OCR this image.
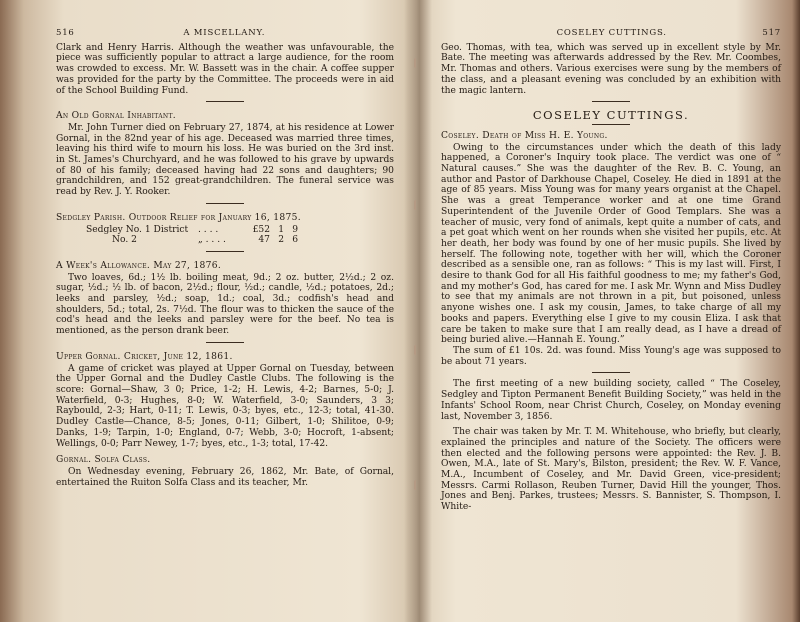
516	A MISCELLANY.

Clark and Henry Harris. Although the weather was unfavourable, the piece was sufficiently popular to attract a large audience, for the room was crowded to excess. Mr. W. Bassett was in the chair. A coffee supper was provided for the party by the Committee. The proceeds were in aid of the School Building Fund.

An Old Gornal Inhabitant.

Mr. John Turner died on February 27, 1874, at his residence at Lower Gornal, in the 82nd year of his age. Deceased was married three times, leaving his third wife to mourn his loss. He was buried on the 3rd inst. in St. James's Churchyard, and he was followed to his grave by upwards of 80 of his family; deceased having had 22 sons and daughters; 90 grandchildren, and 152 great-grandchildren. The funeral service was read by Rev. J. Y. Rooker.

Sedgley Parish. Outdoor Relief for January 16, 1875.
Sedgley No. 1 District	. . . .	£52 1 9
No. 2	„ . . . .	47 2 6
A Week's Allowance. May 27, 1876.

Two loaves, 6d.; 1½ lb. boiling meat, 9d.; 2 oz. butter, 2½d.; 2 oz. sugar, ½d.; ½ lb. of bacon, 2½d.; flour, ½d.; candle, ½d.; potatoes, 2d.; leeks and parsley, ½d.; soap, 1d.; coal, 3d.; codfish's head and shoulders, 5d.; total, 2s. 7½d. The flour was to thicken the sauce of the cod's head and the leeks and parsley were for the beef. No tea is mentioned, as the person drank beer.

Upper Gornal. Cricket, June 12, 1861.

A game of cricket was played at Upper Gornal on Tuesday, between the Upper Gornal and the Dudley Castle Clubs. The following is the score: Gornal—Shaw, 3 0; Price, 1-2; H. Lewis, 4-2; Barnes, 5-0; J. Waterfield, 0-3; Hughes, 8-0; W. Waterfield, 3-0; Saunders, 3 3; Raybould, 2-3; Hart, 0-11; T. Lewis, 0-3; byes, etc., 12-3; total, 41-30. Dudley Castle—Chance, 8-5; Jones, 0-11; Gilbert, 1-0; Shilitoe, 0-9; Danks, 1-9; Tarpin, 1-0; England, 0-7; Webb, 3-0; Hocroft, 1-absent; Wellings, 0-0; Parr Newey, 1-7; byes, etc., 1-3; total, 17-42.

Gornal. Solfa Class.

On Wednesday evening, February 26, 1862, Mr. Bate, of Gornal, entertained the Ruiton Solfa Class and its teacher, Mr.

COSELEY CUTTINGS.	517

Geo. Thomas, with tea, which was served up in excellent style by Mr. Bate. The meeting was afterwards addressed by the Rev. Mr. Coombes, Mr. Thomas and others. Various exercises were sung by the members of the class, and a pleasant evening was concluded by an exhibition with the magic lantern.

COSELEY CUTTINGS.
Coseley. Death of Miss H. E. Young.

Owing to the circumstances under which the death of this lady happened, a Coroner's Inquiry took place. The verdict was one of “ Natural causes.” She was the daughter of the Rev. B. C. Young, an author and Pastor of Darkhouse Chapel, Coseley. He died in 1891 at the age of 85 years. Miss Young was for many years organist at the Chapel. She was a great Temperance worker and at one time Grand Superintendent of the Juvenile Order of Good Templars. She was a teacher of music, very fond of animals, kept quite a number of cats, and a pet goat which went on her rounds when she visited her pupils, etc. At her death, her body was found by one of her music pupils. She lived by herself. The following note, together with her will, which the Coroner described as a sensible one, ran as follows: “ This is my last will. First, I desire to thank God for all His faithful goodness to me; my father's God, and my mother's God, has cared for me. I ask Mr. Wynn and Miss Dudley to see that my animals are not thrown in a pit, but poisoned, unless anyone wishes one. I ask my cousin, James, to take charge of all my books and papers. Everything else I give to my cousin Eliza. I ask that care be taken to make sure that I am really dead, as I have a dread of being buried alive.—Hannah E. Young.”

The sum of £1 10s. 2d. was found. Miss Young's age was supposed to be about 71 years.

The first meeting of a new building society, called “ The Coseley, Sedgley and Tipton Permanent Benefit Building Society,” was held in the Infants' School Room, near Christ Church, Coseley, on Monday evening last, November 3, 1856.

The chair was taken by Mr. T. M. Whitehouse, who briefly, but clearly, explained the principles and nature of the Society. The officers were then elected and the following persons were appointed: the Rev. J. B. Owen, M.A., late of St. Mary's, Bilston, president; the Rev. W. F. Vance, M.A., Incumbent of Coseley, and Mr. David Green, vice-president; Messrs. Carmi Rollason, Reuben Turner, David Hill the younger, Thos. Jones and Benj. Parkes, trustees; Messrs. S. Bannister, S. Thompson, I. White-
